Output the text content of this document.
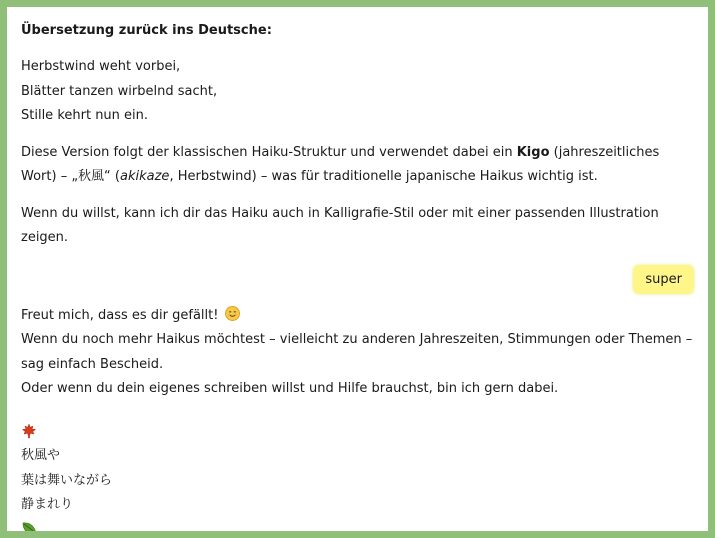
Übersetzung zurück ins Deutsche:
Herbstwind weht vorbei,
Blätter tanzen wirbelnd sacht,
Stille kehrt nun ein.

Diese Version folgt der klassischen Haiku-Struktur und verwendet dabei ein Kigo (jahreszeitliches Wort) – „秋風“ (akikaze, Herbstwind) – was für traditionelle japanische Haikus wichtig ist.

Wenn du willst, kann ich dir das Haiku auch in Kalligrafie-Stil oder mit einer passenden Illustration zeigen.

super
Freut mich, dass es dir gefällt!
Wenn du noch mehr Haikus möchtest – vielleicht zu anderen Jahreszeiten, Stimmungen oder Themen – sag einfach Bescheid.
Oder wenn du dein eigenes schreiben willst und Hilfe brauchst, bin ich gern dabei.
秋風や
葉は舞いながら
静まれり
